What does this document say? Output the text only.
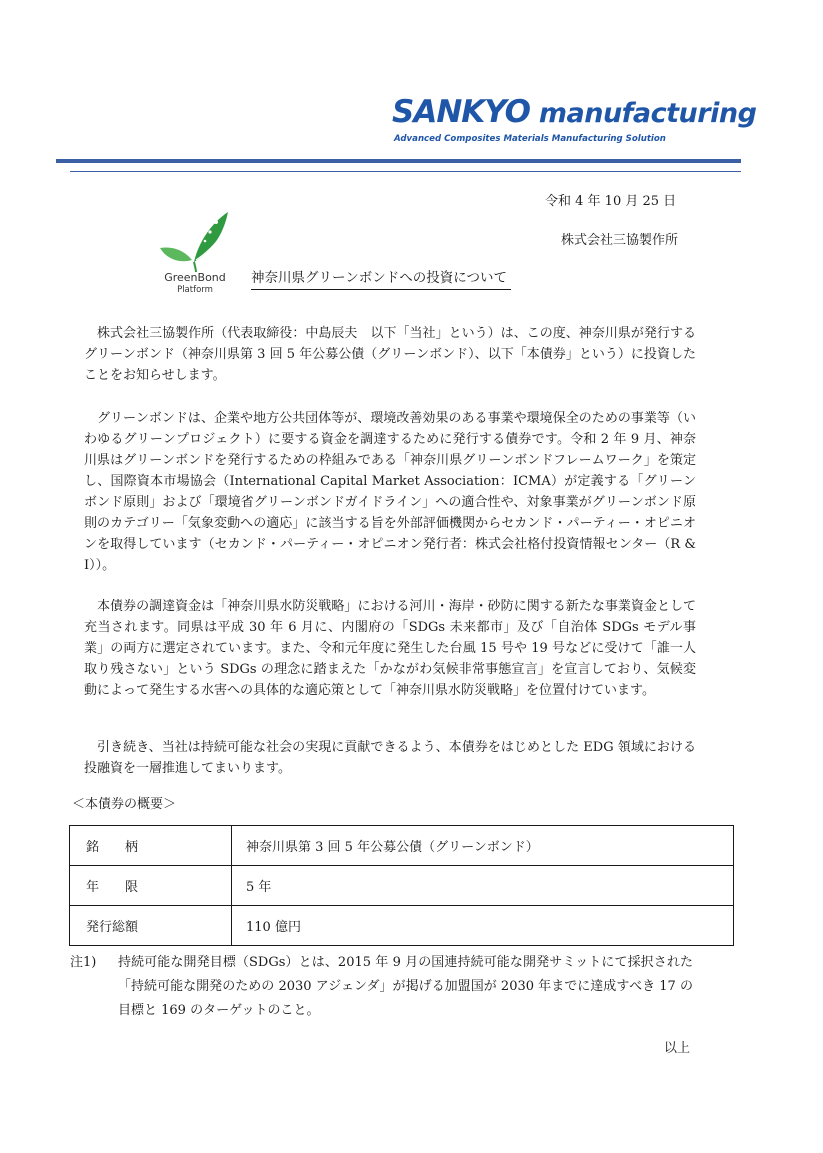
SANKYO manufacturing
Advanced Composites Materials Manufacturing Solution
令和 4 年 10 月 25 日
株式会社三協製作所
GreenBond
Platform
神奈川県グリーンボンドへの投資について
株式会社三協製作所（代表取締役：中島辰夫　以下「当社」という）は、この度、神奈川県が発行するグリーンボンド（神奈川県第 3 回 5 年公募公債（グリーンボンド）、以下「本債券」という）に投資したことをお知らせします。
グリーンボンドは、企業や地方公共団体等が、環境改善効果のある事業や環境保全のための事業等（いわゆるグリーンプロジェクト）に要する資金を調達するために発行する債券です。令和 2 年 9 月、神奈川県はグリーンボンドを発行するための枠組みである「神奈川県グリーンボンドフレームワーク」を策定し、国際資本市場協会（International Capital Market Association：ICMA）が定義する「グリーンボンド原則」および「環境省グリーンボンドガイドライン」への適合性や、対象事業がグリーンボンド原則のカテゴリー「気象変動への適応」に該当する旨を外部評価機関からセカンド・パーティー・オピニオンを取得しています（セカンド・パーティー・オピニオン発行者：株式会社格付投資情報センター（R & I））。
本債券の調達資金は「神奈川県水防災戦略」における河川・海岸・砂防に関する新たな事業資金として充当されます。同県は平成 30 年 6 月に、内閣府の「SDGs 未来都市」及び「自治体 SDGs モデル事業」の両方に選定されています。また、令和元年度に発生した台風 15 号や 19 号などに受けて「誰一人取り残さない」という SDGs の理念に踏まえた「かながわ気候非常事態宣言」を宣言しており、気候変動によって発生する水害への具体的な適応策として「神奈川県水防災戦略」を位置付けています。
引き続き、当社は持続可能な社会の実現に貢献できるよう、本債券をはじめとした EDG 領域における投融資を一層推進してまいります。
＜本債券の概要＞
銘　　柄	神奈川県第 3 回 5 年公募公債（グリーンボンド）
年　　限	5 年
発行総額	110 億円
注1) 持続可能な開発目標（SDGs）とは、2015 年 9 月の国連持続可能な開発サミットにて採択された「持続可能な開発のための 2030 アジェンダ」が掲げる加盟国が 2030 年までに達成すべき 17 の目標と 169 のターゲットのこと。
以上
